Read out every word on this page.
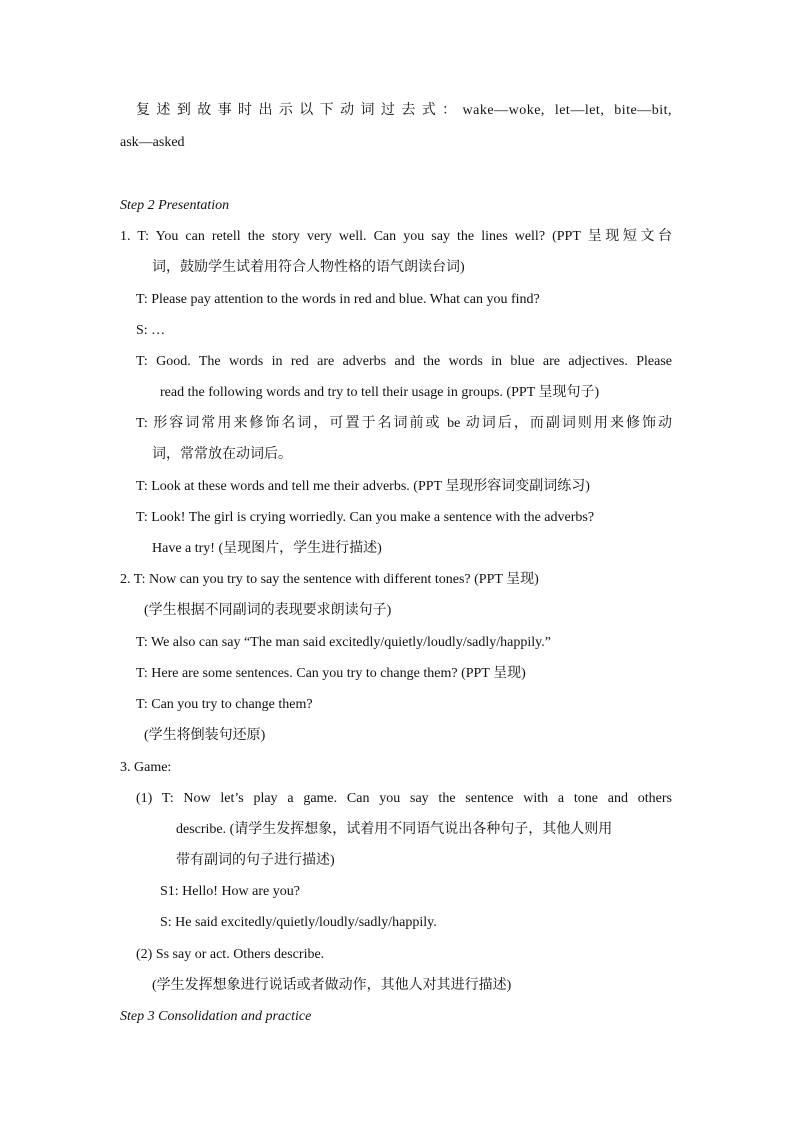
复述到故事时出示以下动词过去式：wake—woke, let—let, bite—bit,
ask—asked
Step 2 Presentation
1. T: You can retell the story very well. Can you say the lines well? (PPT 呈现短文台
词，鼓励学生试着用符合人物性格的语气朗读台词)
T: Please pay attention to the words in red and blue. What can you find?
S: …
T: Good. The words in red are adverbs and the words in blue are adjectives. Please
read the following words and try to tell their usage in groups. (PPT 呈现句子)
T: 形容词常用来修饰名词，可置于名词前或 be 动词后，而副词则用来修饰动
词，常常放在动词后。
T: Look at these words and tell me their adverbs. (PPT 呈现形容词变副词练习)
T: Look! The girl is crying worriedly. Can you make a sentence with the adverbs?
Have a try! (呈现图片，学生进行描述)
2. T: Now can you try to say the sentence with different tones? (PPT 呈现)
(学生根据不同副词的表现要求朗读句子)
T: We also can say “The man said excitedly/quietly/loudly/sadly/happily.”
T: Here are some sentences. Can you try to change them? (PPT 呈现)
T: Can you try to change them?
(学生将倒装句还原)
3. Game:
(1) T: Now let’s play a game. Can you say the sentence with a tone and others
describe. (请学生发挥想象，试着用不同语气说出各种句子，其他人则用
带有副词的句子进行描述)
S1: Hello! How are you?
S: He said excitedly/quietly/loudly/sadly/happily.
(2) Ss say or act. Others describe.
(学生发挥想象进行说话或者做动作，其他人对其进行描述)
Step 3 Consolidation and practice
